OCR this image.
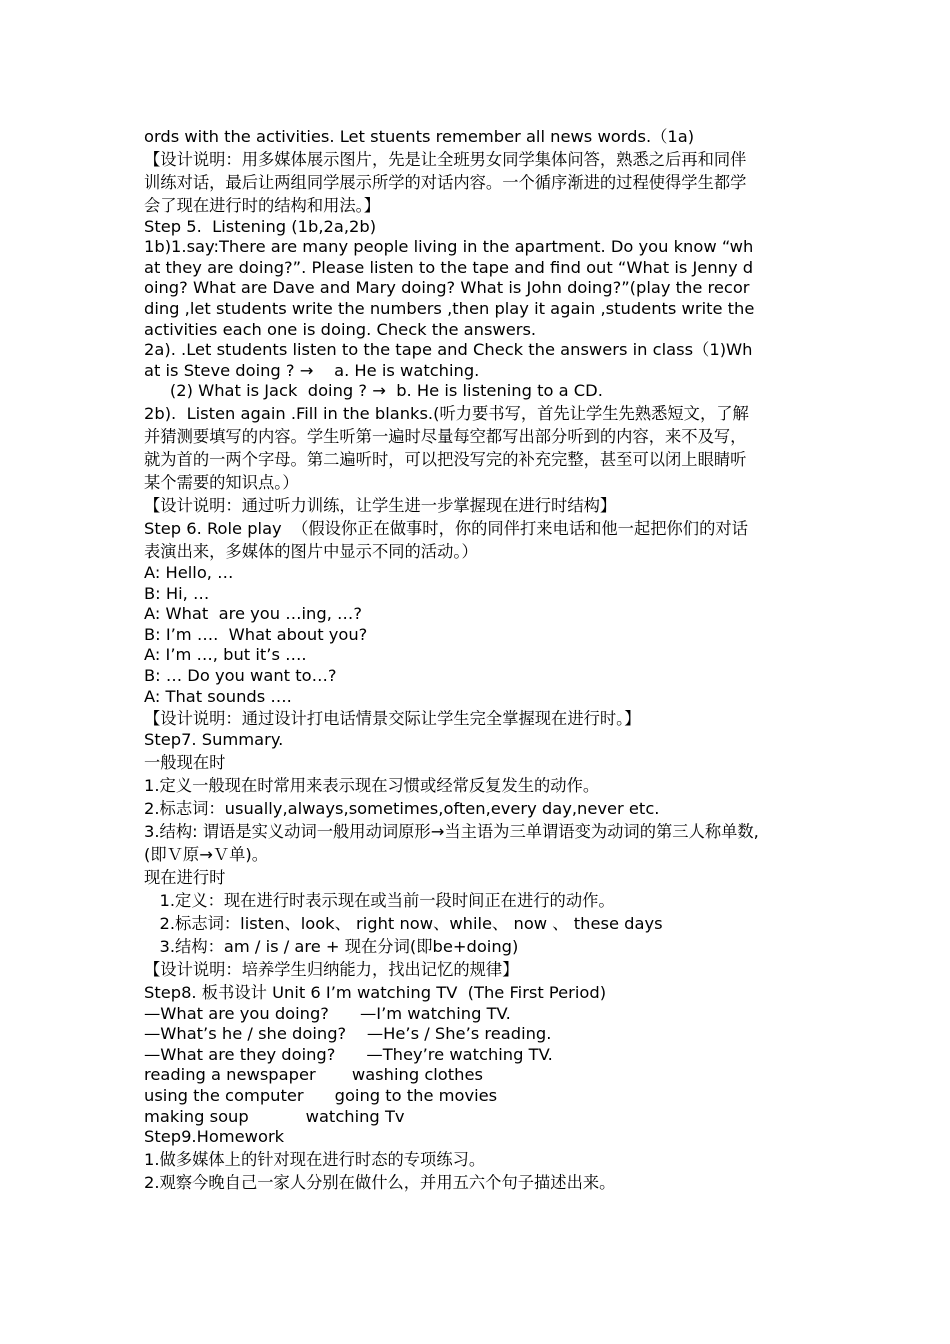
ords with the activities. Let stuents remember all news words.（1a)

【设计说明：用多媒体展示图片，先是让全班男女同学集体问答，熟悉之后再和同伴

训练对话，最后让两组同学展示所学的对话内容。一个循序渐进的过程使得学生都学

会了现在进行时的结构和用法。】

Step 5.  Listening (1b,2a,2b)

1b)1.say:There are many people living in the apartment. Do you know “wh

at they are doing?”. Please listen to the tape and find out “What is Jenny d

oing? What are Dave and Mary doing? What is John doing?”(play the recor

ding ,let students write the numbers ,then play it again ,students write the

activities each one is doing. Check the answers.

2a). .Let students listen to the tape and Check the answers in class（1)Wh

at is Steve doing ? →    a. He is watching.

(2) What is Jack  doing ? →  b. He is listening to a CD.

2b).  Listen again .Fill in the blanks.(听力要书写，首先让学生先熟悉短文，了解

并猜测要填写的内容。学生听第一遍时尽量每空都写出部分听到的内容，来不及写，

就为首的一两个字母。第二遍听时，可以把没写完的补充完整，甚至可以闭上眼睛听

某个需要的知识点。）

【设计说明：通过听力训练，让学生进一步掌握现在进行时结构】

Step 6. Role play  （假设你正在做事时，你的同伴打来电话和他一起把你们的对话

表演出来，多媒体的图片中显示不同的活动。）

A: Hello, …

B: Hi, …

A: What  are you …ing, …?

B: I’m ….  What about you?

A: I’m …, but it’s ….

B: … Do you want to…?

A: That sounds ….

【设计说明：通过设计打电话情景交际让学生完全掌握现在进行时。】

Step7. Summary.

一般现在时

1.定义一般现在时常用来表示现在习惯或经常反复发生的动作。

2.标志词：usually,always,sometimes,often,every day,never etc.

3.结构: 谓语是实义动词一般用动词原形→当主语为三单谓语变为动词的第三人称单数,

(即Ｖ原→Ｖ单)。

现在进行时

1.定义：现在进行时表示现在或当前一段时间正在进行的动作。

2.标志词：listen、look、 right now、while、 now 、 these days

3.结构：am / is / are + 现在分词(即be+doing)

【设计说明：培养学生归纳能力，找出记忆的规律】

Step8. 板书设计 Unit 6 I’m watching TV  (The First Period)

—What are you doing?      —I’m watching TV.

—What’s he / she doing?    —He’s / She’s reading.

—What are they doing?      —They’re watching TV.

reading a newspaper       washing clothes

using the computer      going to the movies

making soup           watching Tv

Step9.Homework

1.做多媒体上的针对现在进行时态的专项练习。

2.观察今晚自己一家人分别在做什么，并用五六个句子描述出来。
